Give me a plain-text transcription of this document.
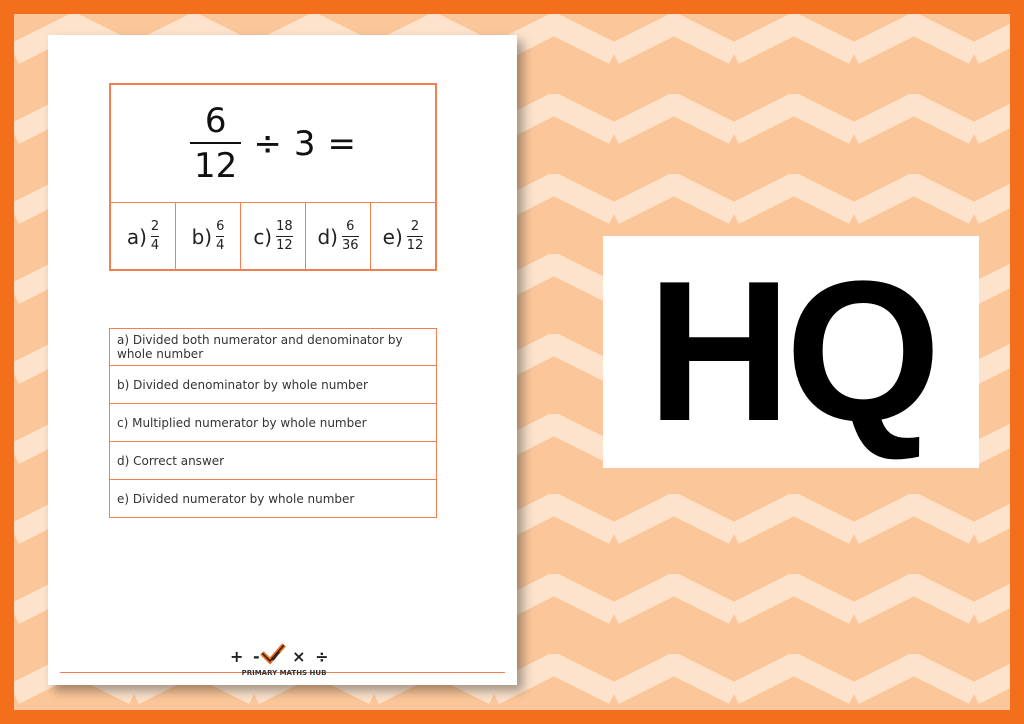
$\frac{6}{12} \div 3$ =
$a) \frac{2}{4} b) \frac{6}{4} c) \frac{18}{12} d) \frac{6}{36} e) \frac{2}{12}$
a) Divided both numerator and denominator by whole number
b) Divided denominator by whole number
c) Multiplied numerator by whole number
d) Correct answer
e) Divided numerator by whole number
+ - ✓ × ÷
PRIMARY MATHS HUB
HQ
